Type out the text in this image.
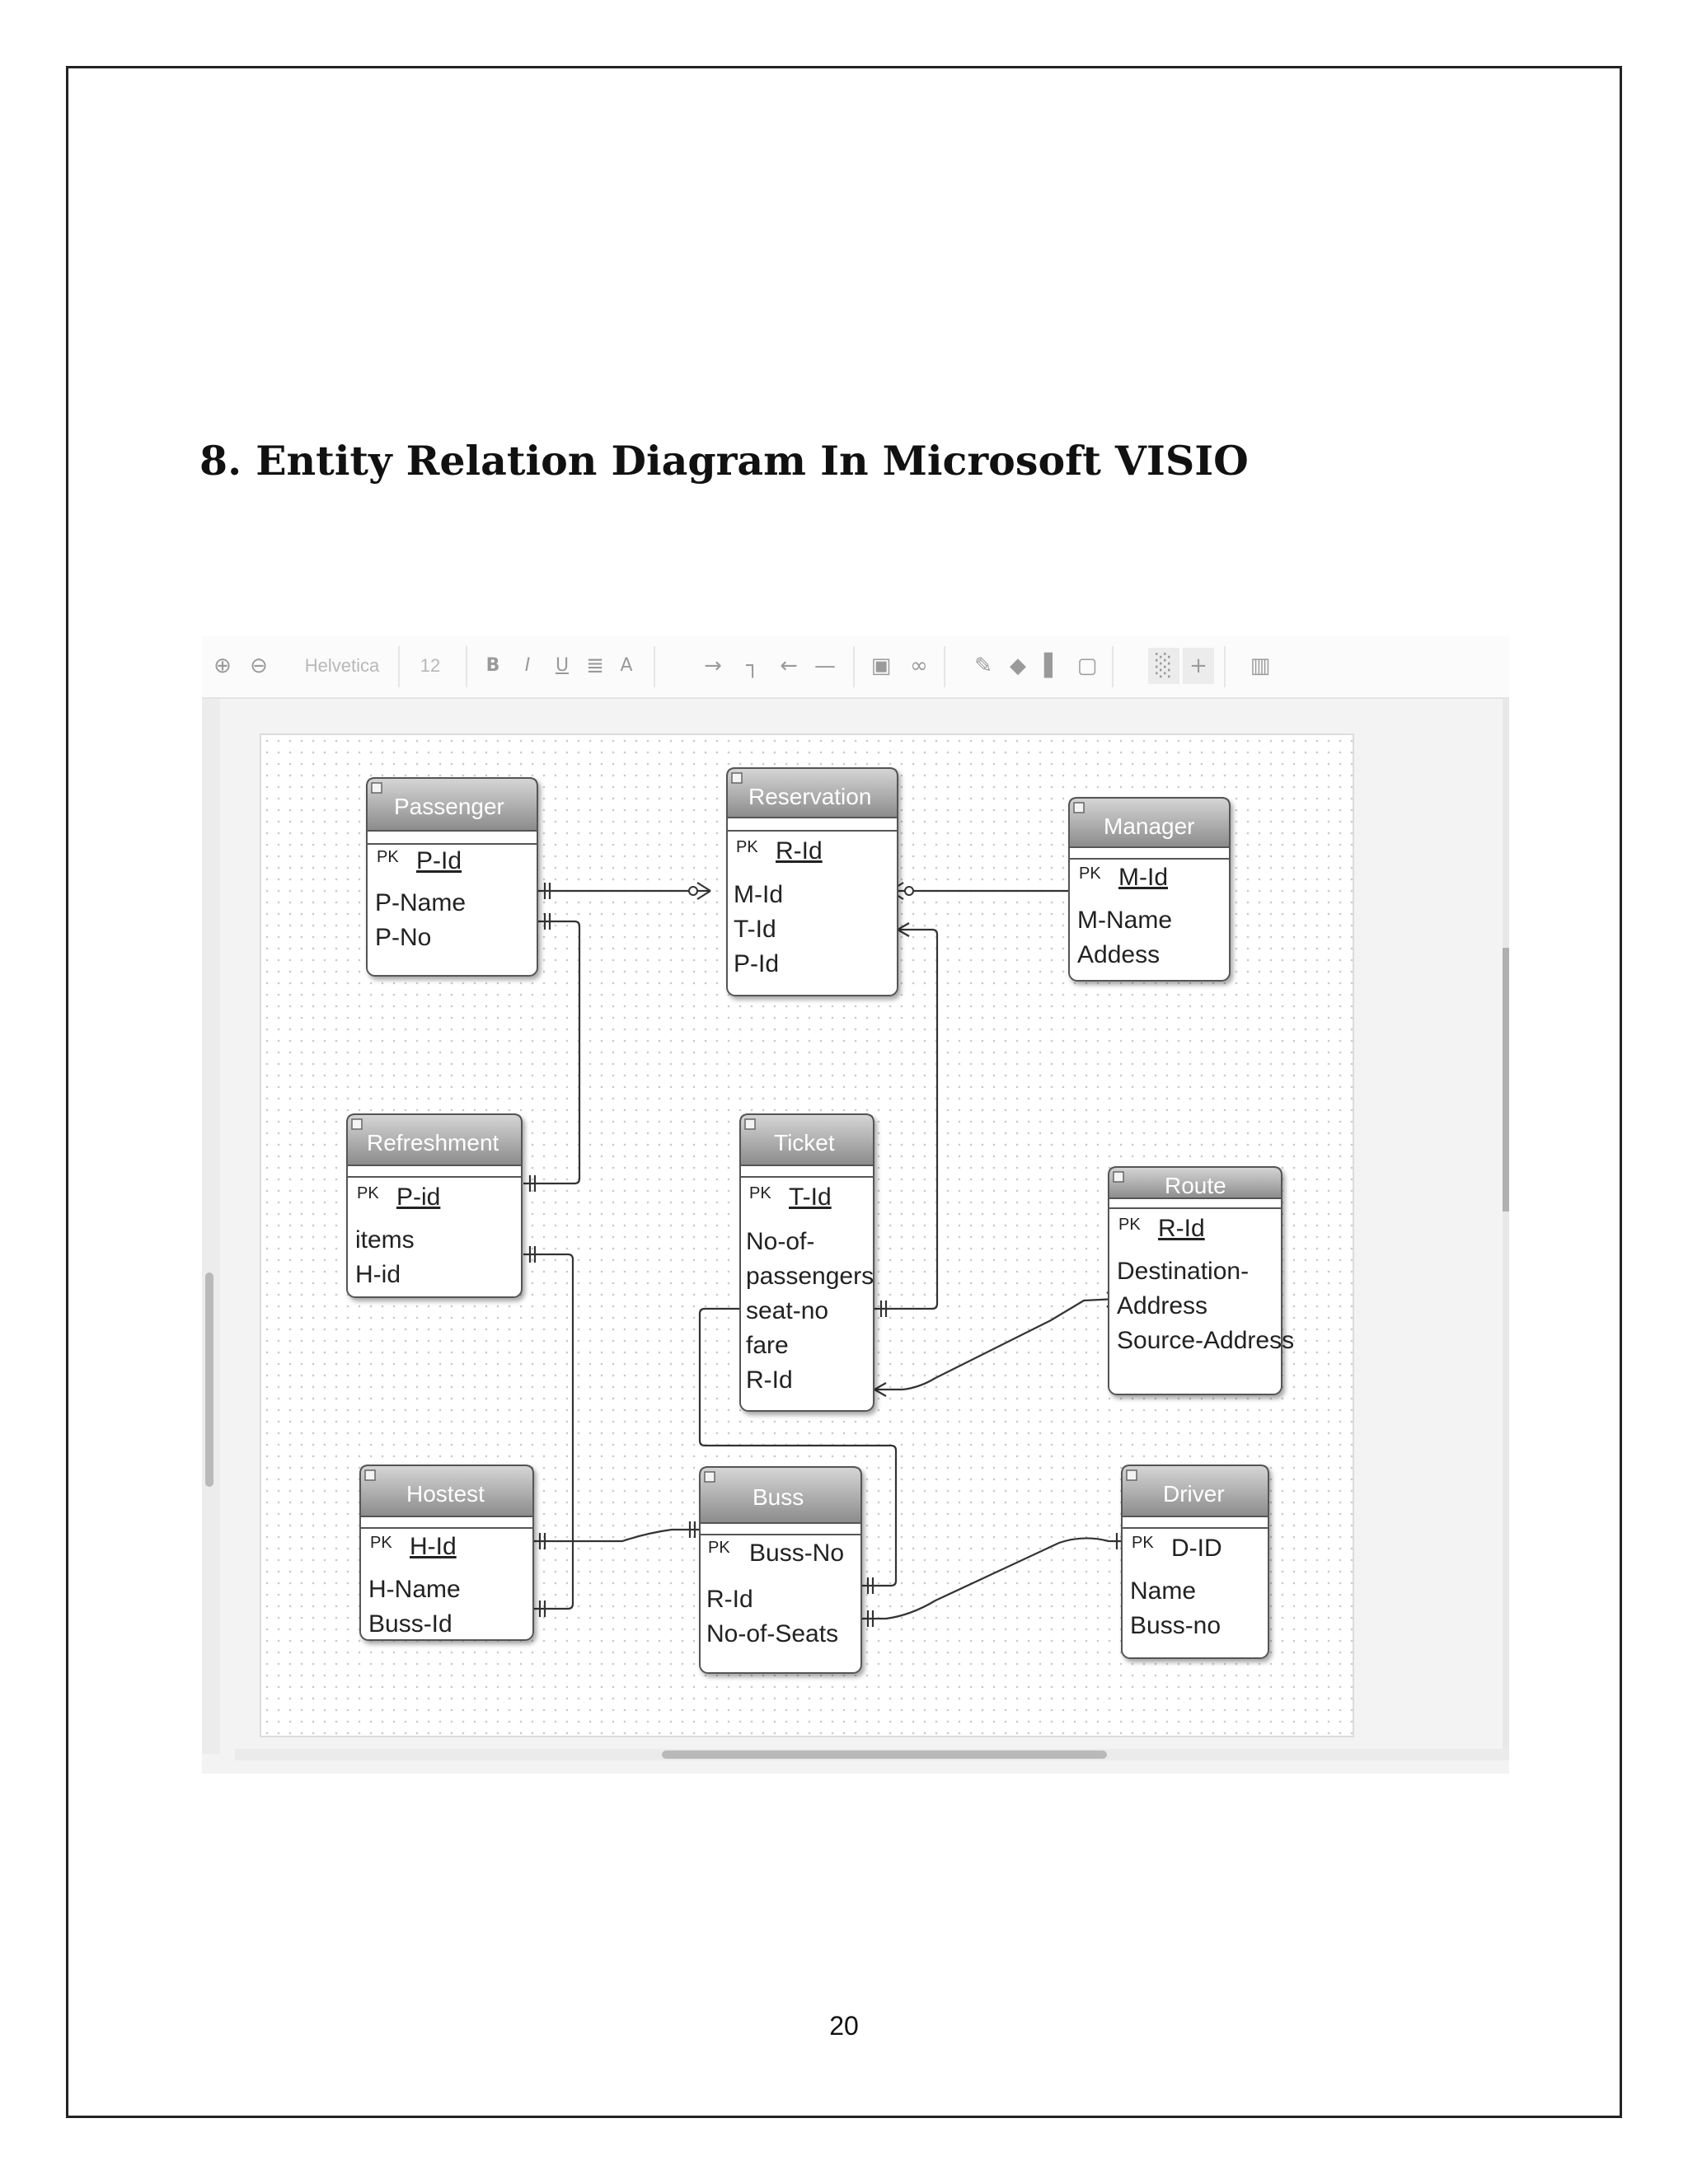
8. Entity Relation Diagram In Microsoft VISIO
⊕ ⊖ Helvetica	12	B	I	U ≣ A	→	┐ ← — ▣ ∞ ✎ ◆ ▌ ▢	░ +	▥
Passenger
PK P-Id
P-Name
P-No
Reservation
PK R-Id
M-Id
T-Id
P-Id
Manager
PK M-Id
M-Name
Addess
Refreshment
PK P-id
items
H-id
Ticket
PK T-Id
No-of-
passengers
seat-no
fare
R-Id
Route
PK R-Id
Destination-
Address
Source-Address
Hostest
PK H-Id
H-Name
Buss-Id
Buss
PK Buss-No
R-Id
No-of-Seats
Driver
PK D-ID
Name
Buss-no
20
